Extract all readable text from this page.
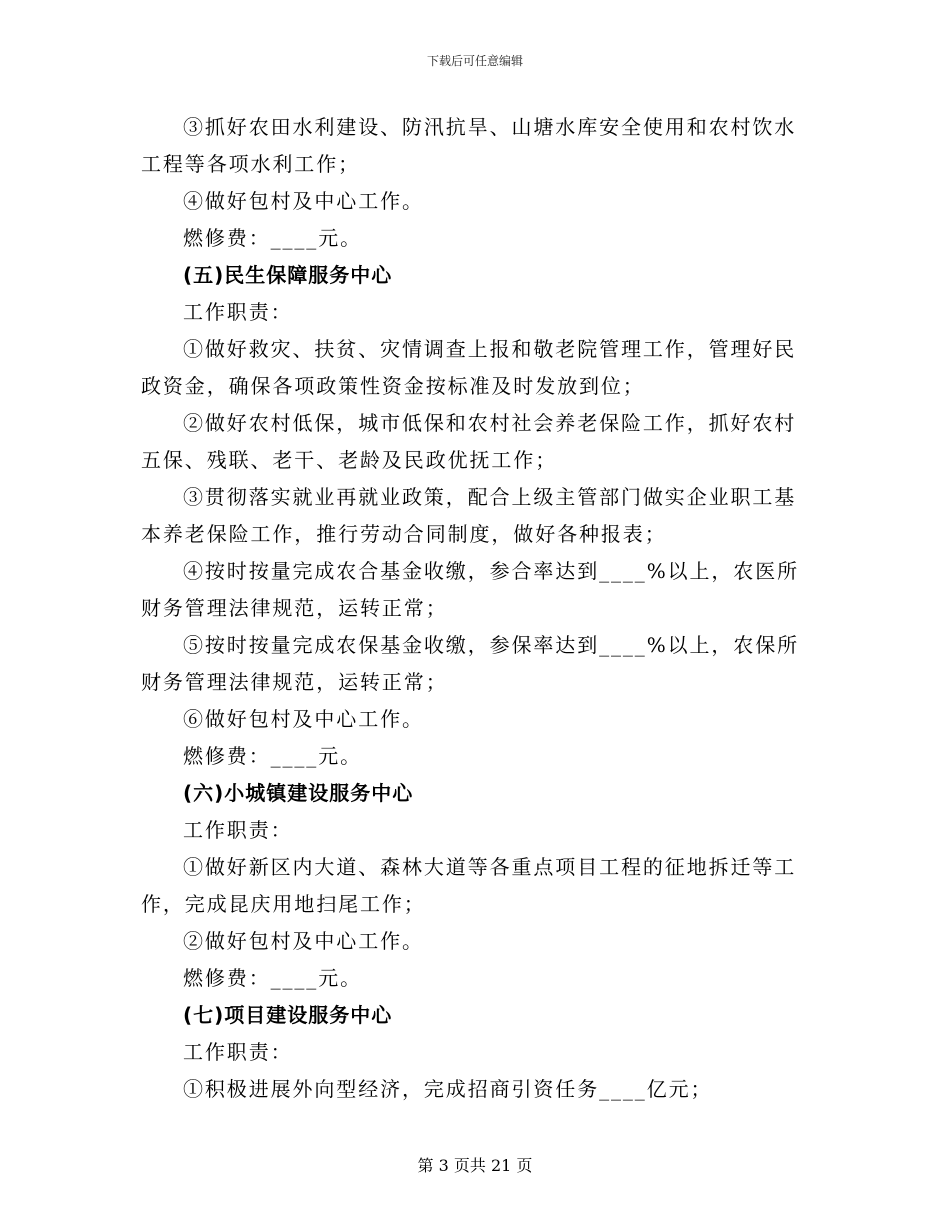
下载后可任意编辑

③抓好农田水利建设、防汛抗旱、山塘水库安全使用和农村饮水工程等各项水利工作；

④做好包村及中心工作。

燃修费：____元。

(五)民生保障服务中心

工作职责：

①做好救灾、扶贫、灾情调查上报和敬老院管理工作，管理好民政资金，确保各项政策性资金按标准及时发放到位；

②做好农村低保，城市低保和农村社会养老保险工作，抓好农村五保、残联、老干、老龄及民政优抚工作；

③贯彻落实就业再就业政策，配合上级主管部门做实企业职工基本养老保险工作，推行劳动合同制度，做好各种报表；

④按时按量完成农合基金收缴，参合率达到____%以上，农医所财务管理法律规范，运转正常；

⑤按时按量完成农保基金收缴，参保率达到____%以上，农保所财务管理法律规范，运转正常；

⑥做好包村及中心工作。

燃修费：____元。

(六)小城镇建设服务中心

工作职责：

①做好新区内大道、森林大道等各重点项目工程的征地拆迁等工作，完成昆庆用地扫尾工作；

②做好包村及中心工作。

燃修费：____元。

(七)项目建设服务中心

工作职责：

①积极进展外向型经济，完成招商引资任务____亿元；

第 3 页共 21 页
